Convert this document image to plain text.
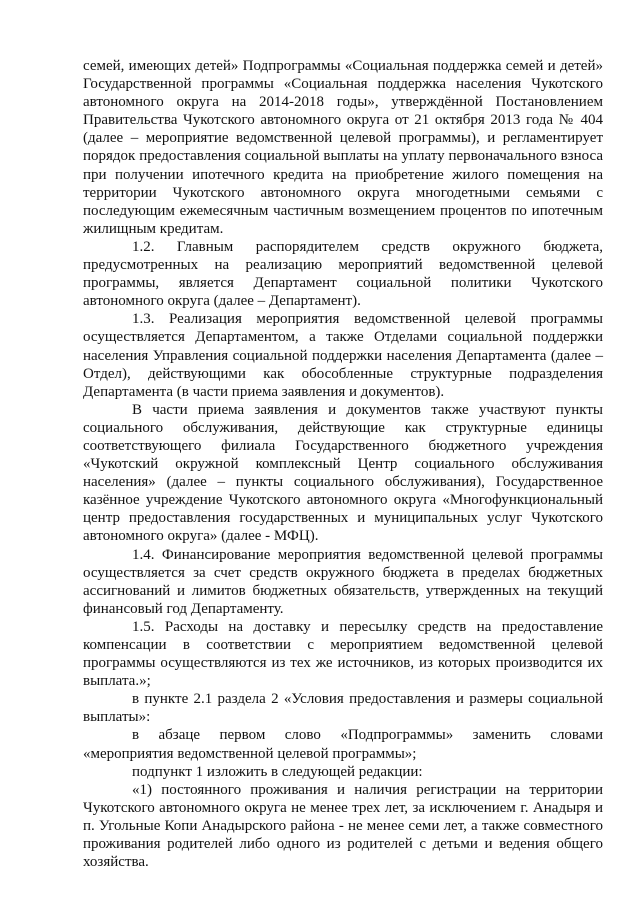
семей, имеющих детей» Подпрограммы «Социальная поддержка семей и детей» Государственной программы «Социальная поддержка населения Чукотского автономного округа на 2014-2018 годы», утверждённой Постановлением Правительства Чукотского автономного округа от 21 октября 2013 года № 404 (далее – мероприятие ведомственной целевой программы), и регламентирует порядок предоставления социальной выплаты на уплату первоначального взноса при получении ипотечного кредита на приобретение жилого помещения на территории Чукотского автономного округа многодетными семьями с последующим ежемесячным частичным возмещением процентов по ипотечным жилищным кредитам.

1.2. Главным распорядителем средств окружного бюджета, предусмотренных на реализацию мероприятий ведомственной целевой программы, является Департамент социальной политики Чукотского автономного округа (далее – Департамент).

1.3. Реализация мероприятия ведомственной целевой программы осуществляется Департаментом, а также Отделами социальной поддержки населения Управления социальной поддержки населения Департамента (далее – Отдел), действующими как обособленные структурные подразделения Департамента (в части приема заявления и документов).

В части приема заявления и документов также участвуют пункты социального обслуживания, действующие как структурные единицы соответствующего филиала Государственного бюджетного учреждения «Чукотский окружной комплексный Центр социального обслуживания населения» (далее – пункты социального обслуживания), Государственное казённое учреждение Чукотского автономного округа «Многофункциональный центр предоставления государственных и муниципальных услуг Чукотского автономного округа» (далее - МФЦ).

1.4. Финансирование мероприятия ведомственной целевой программы осуществляется за счет средств окружного бюджета в пределах бюджетных ассигнований и лимитов бюджетных обязательств, утвержденных на текущий финансовый год Департаменту.

1.5. Расходы на доставку и пересылку средств на предоставление компенсации в соответствии с мероприятием ведомственной целевой программы осуществляются из тех же источников, из которых производится их выплата.»;

в пункте 2.1 раздела 2 «Условия предоставления и размеры социальной выплаты»:

в абзаце первом слово «Подпрограммы» заменить словами «мероприятия ведомственной целевой программы»;

подпункт 1 изложить в следующей редакции:

«1) постоянного проживания и наличия регистрации на территории Чукотского автономного округа не менее трех лет, за исключением г. Анадыря и п. Угольные Копи Анадырского района - не менее семи лет, а также совместного проживания родителей либо одного из родителей с детьми и ведения общего хозяйства.
